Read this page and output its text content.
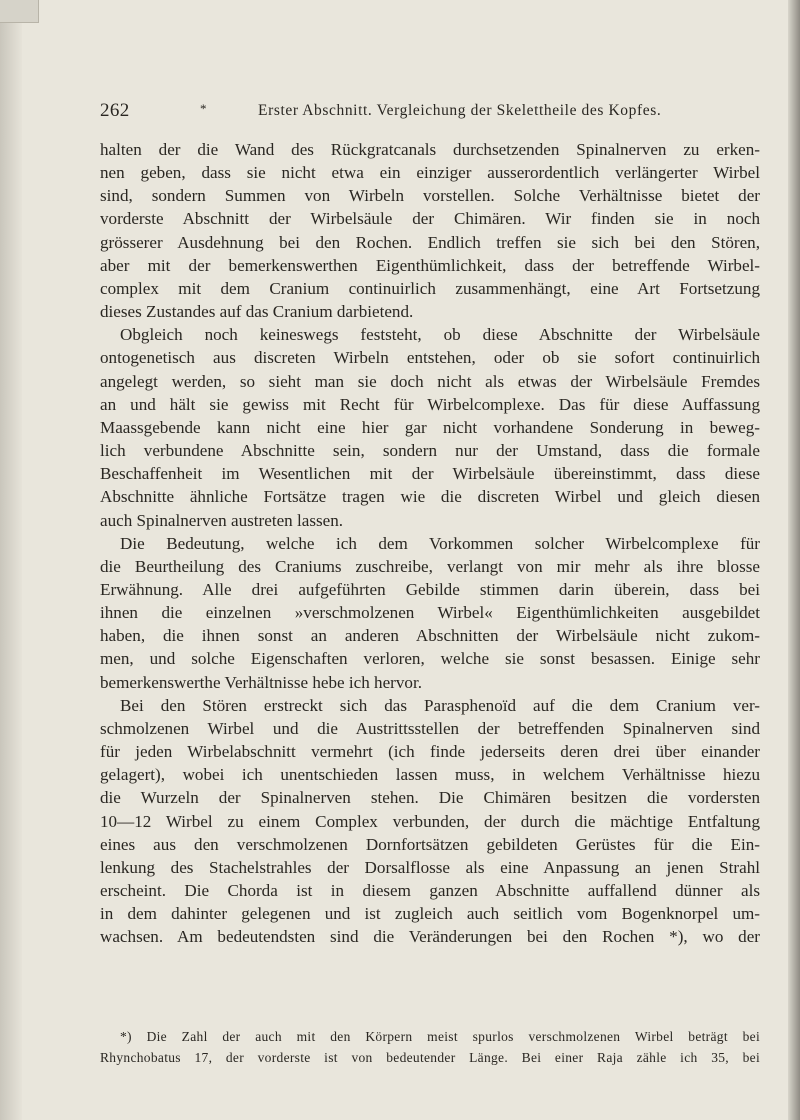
262	*	Erster Abschnitt. Vergleichung der Skelettheile des Kopfes.
halten der die Wand des Rückgratcanals durchsetzenden Spinalnerven zu erken-
nen geben, dass sie nicht etwa ein einziger ausserordentlich verlängerter Wirbel
sind, sondern Summen von Wirbeln vorstellen. Solche Verhältnisse bietet der
vorderste Abschnitt der Wirbelsäule der Chimären. Wir finden sie in noch
grösserer Ausdehnung bei den Rochen. Endlich treffen sie sich bei den Stören,
aber mit der bemerkenswerthen Eigenthümlichkeit, dass der betreffende Wirbel-
complex mit dem Cranium continuirlich zusammenhängt, eine Art Fortsetzung
dieses Zustandes auf das Cranium darbietend.
Obgleich noch keineswegs feststeht, ob diese Abschnitte der Wirbelsäule
ontogenetisch aus discreten Wirbeln entstehen, oder ob sie sofort continuirlich
angelegt werden, so sieht man sie doch nicht als etwas der Wirbelsäule Fremdes
an und hält sie gewiss mit Recht für Wirbelcomplexe. Das für diese Auffassung
Maassgebende kann nicht eine hier gar nicht vorhandene Sonderung in beweg-
lich verbundene Abschnitte sein, sondern nur der Umstand, dass die formale
Beschaffenheit im Wesentlichen mit der Wirbelsäule übereinstimmt, dass diese
Abschnitte ähnliche Fortsätze tragen wie die discreten Wirbel und gleich diesen
auch Spinalnerven austreten lassen.
Die Bedeutung, welche ich dem Vorkommen solcher Wirbelcomplexe für
die Beurtheilung des Craniums zuschreibe, verlangt von mir mehr als ihre blosse
Erwähnung. Alle drei aufgeführten Gebilde stimmen darin überein, dass bei
ihnen die einzelnen »verschmolzenen Wirbel« Eigenthümlichkeiten ausgebildet
haben, die ihnen sonst an anderen Abschnitten der Wirbelsäule nicht zukom-
men, und solche Eigenschaften verloren, welche sie sonst besassen. Einige sehr
bemerkenswerthe Verhältnisse hebe ich hervor.
Bei den Stören erstreckt sich das Parasphenoïd auf die dem Cranium ver-
schmolzenen Wirbel und die Austrittsstellen der betreffenden Spinalnerven sind
für jeden Wirbelabschnitt vermehrt (ich finde jederseits deren drei über einander
gelagert), wobei ich unentschieden lassen muss, in welchem Verhältnisse hiezu
die Wurzeln der Spinalnerven stehen. Die Chimären besitzen die vordersten
10—12 Wirbel zu einem Complex verbunden, der durch die mächtige Entfaltung
eines aus den verschmolzenen Dornfortsätzen gebildeten Gerüstes für die Ein-
lenkung des Stachelstrahles der Dorsalflosse als eine Anpassung an jenen Strahl
erscheint. Die Chorda ist in diesem ganzen Abschnitte auffallend dünner als
in dem dahinter gelegenen und ist zugleich auch seitlich vom Bogenknorpel um-
wachsen. Am bedeutendsten sind die Veränderungen bei den Rochen *), wo der
*) Die Zahl der auch mit den Körpern meist spurlos verschmolzenen Wirbel beträgt bei
Rhynchobatus 17, der vorderste ist von bedeutender Länge. Bei einer Raja zähle ich 35, bei
